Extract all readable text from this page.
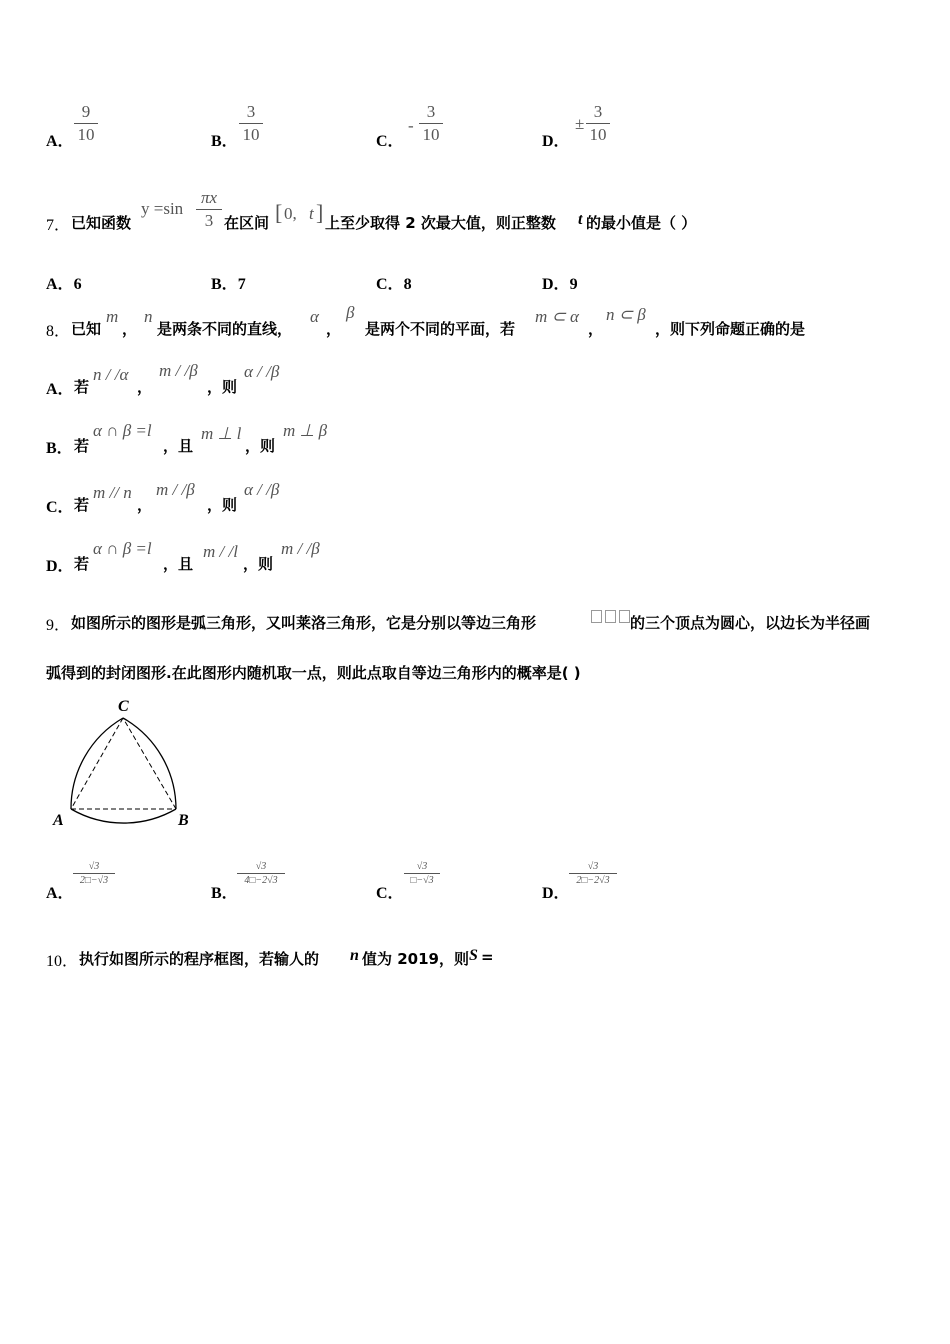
A．
9
10	B．
3
10	C．
-
3
10	D．
±
3
10
7． 已知函数
y =sin
πx
3 在区间 [ 0, t ] 上至少取得 2 次最大值，则正整数 t 的最小值是（ ）
A．6	B．7	C．8	D．9
8． 已知
m
，
n
是两条不同的直线，
α
，
β
是两个不同的平面，若
m ⊂ α
，
n ⊂ β
，则下列命题正确的是
A． 若
n / /α
，
m / /β
，则
α / /β
B． 若
α ∩ β =l
，且
m ⊥ l
，则
m ⊥ β
C． 若
m // n
，
m / /β
，则
α / /β
D． 若
α ∩ β =l
，且
m / /l
，则
m / /β
9． 如图所示的图形是弧三角形，又叫莱洛三角形，它是分别以等边三角形	的三个顶点为圆心，以边长为半径画
弧得到的封闭图形.在此图形内随机取一点，则此点取自等边三角形内的概率是( )
C
A	B
A．
√3
2□−√3
B．
√3
4□−2√3
C．
√3
□−√3
D．
√3
2□−2√3
10． 执行如图所示的程序框图，若输人的 n 值为 2019，则 S =
